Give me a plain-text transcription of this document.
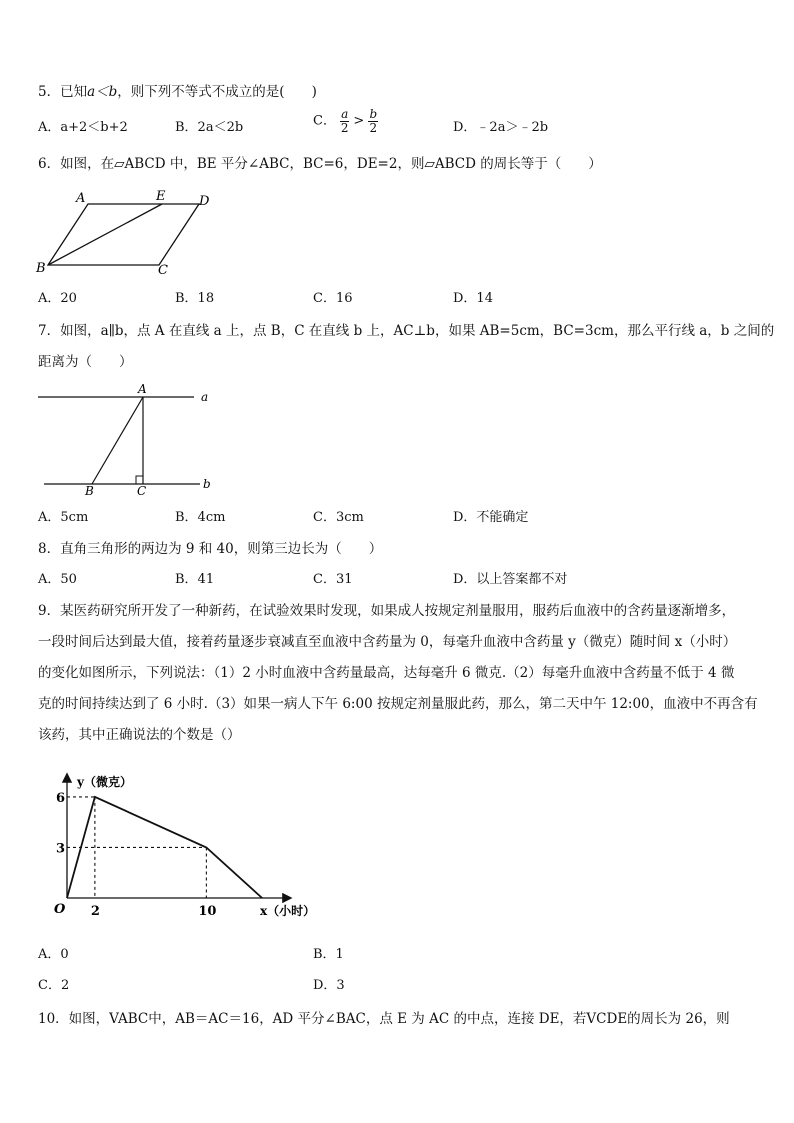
5．已知a＜b，则下列不等式不成立的是(　　)
A．a+2＜b+2	B．2a＜2b	C． $\frac{a}{2} > \frac{b}{2}$	D．﹣2a＞﹣2b
6．如图，在▱ABCD 中，BE 平分∠ABC，BC=6，DE=2，则▱ABCD 的周长等于（　　）
A	E	D
B	C
A．20	B．18	C．16	D．14
7．如图，a∥b，点 A 在直线 a 上，点 B，C 在直线 b 上，AC⊥b，如果 AB=5cm，BC=3cm，那么平行线 a，b 之间的
距离为（　　）
A
a
B	C	b
A．5cm	B．4cm	C．3cm	D．不能确定
8．直角三角形的两边为 9 和 40，则第三边长为（　　）
A．50	B．41	C．31	D．以上答案都不对
9．某医药研究所开发了一种新药，在试验效果时发现，如果成人按规定剂量服用，服药后血液中的含药量逐渐增多，
一段时间后达到最大值，接着药量逐步衰减直至血液中含药量为 0，每毫升血液中含药量 y（微克）随时间 x（小时）
的变化如图所示，下列说法：（1）2 小时血液中含药量最高，达每毫升 6 微克.（2）每毫升血液中含药量不低于 4 微
克的时间持续达到了 6 小时.（3）如果一病人下午 6:00 按规定剂量服此药，那么，第二天中午 12:00，血液中不再含有
该药，其中正确说法的个数是（）
y（微克）
x（小时）
O
6
3
2	10
A．0	B．1
C．2	D．3
10．如图，VABC中，AB＝AC＝16，AD 平分∠BAC，点 E 为 AC 的中点，连接 DE，若VCDE的周长为 26，则
